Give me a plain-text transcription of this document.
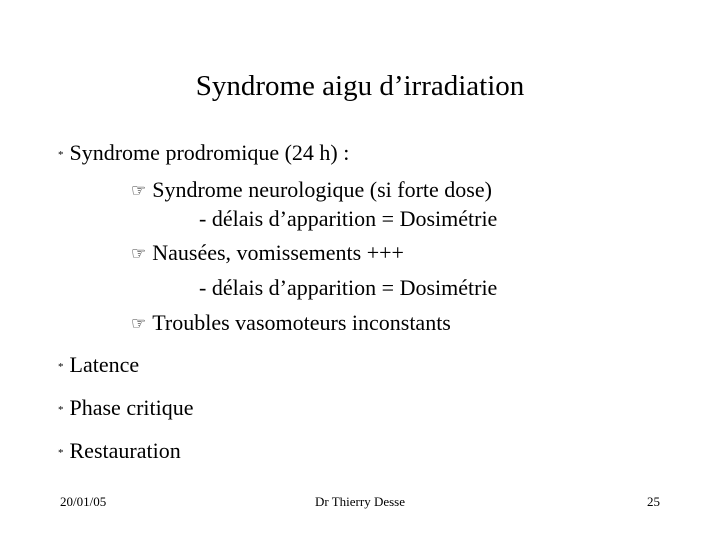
Syndrome aigu d’irradiation
* Syndrome prodromique (24 h) :
☞ Syndrome neurologique (si forte dose)
- délais d’apparition = Dosimétrie
☞ Nausées, vomissements +++
- délais d’apparition = Dosimétrie
☞ Troubles vasomoteurs inconstants
* Latence
* Phase critique
* Restauration
20/01/05	Dr Thierry Desse	25
